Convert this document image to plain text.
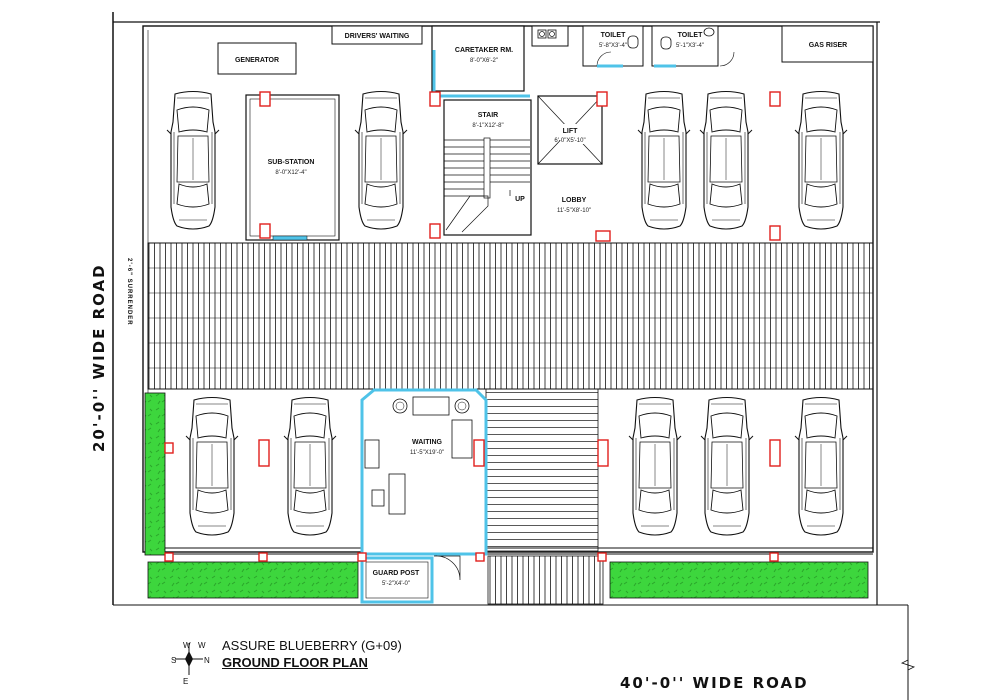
GENERATOR
DRIVERS' WAITING
CARETAKER RM.
8'-0"X6'-2"
TOILET
5'-8"X3'-4"
TOILET
5'-1"X3'-4"	GAS RISER
SUB-STATION
8'-0"X12'-4"
STAIR
8'-1"X12'-8"
UP
LIFT
6'-0"X5'-10"
LOBBY
11'-5"X8'-10"
WAITING
11'-5"X19'-0"
GUARD POST
5'-2"X4'-0"
20'-0'' WIDE ROAD	2'-6" SURRENDER
40'-0'' WIDE ROAD
W W
S	N
E
ASSURE BLUEBERRY (G+09)
GROUND FLOOR PLAN
